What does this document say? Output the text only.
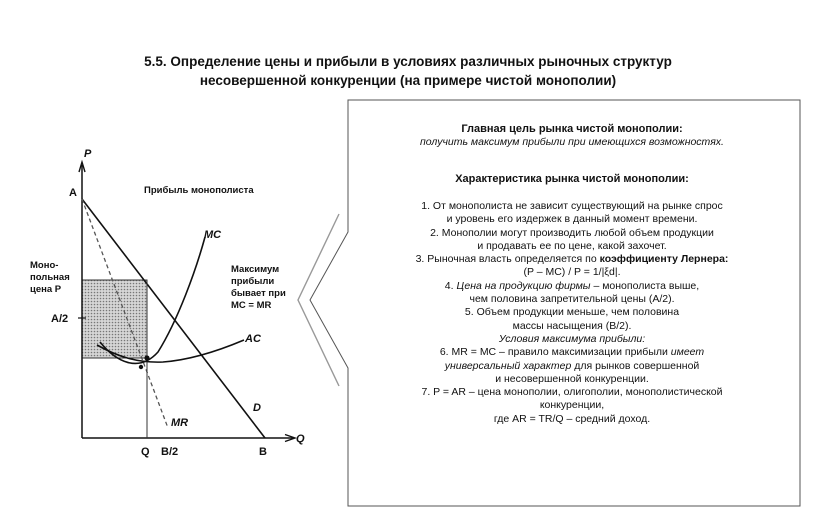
5.5. Определение цены и прибыли в условиях различных рыночных структур
несовершенной конкуренции (на примере чистой монополии)
P
Q
A
A/2
Q B/2	B
MC
AC
D
MR
Прибыль монополиста
Моно- польная цена Р
Максимум прибыли бывает при MC = MR
Главная цель рынка чистой монополии:
получить максимум прибыли при имеющихся возможностях.
Характеристика рынка чистой монополии:
1. От монополиста не зависит существующий на рынке спрос
и уровень его издержек в данный момент времени.
2. Монополии могут производить любой объем продукции
и продавать ее по цене, какой захочет.
3. Рыночная власть определяется по коэффициенту Лернера:
(P – MC) / P = 1/|ξd|.
4. Цена на продукцию фирмы – монополиста выше,
чем половина запретительной цены (A/2).
5. Объем продукции меньше, чем половина
массы насыщения (B/2).
Условия максимума прибыли:
6. MR = MC – правило максимизации прибыли имеет
универсальный характер для рынков совершенной
и несовершенной конкуренции.
7. P = AR – цена монополии, олигополии, монополистической
конкуренции,
где AR = TR/Q – средний доход.
